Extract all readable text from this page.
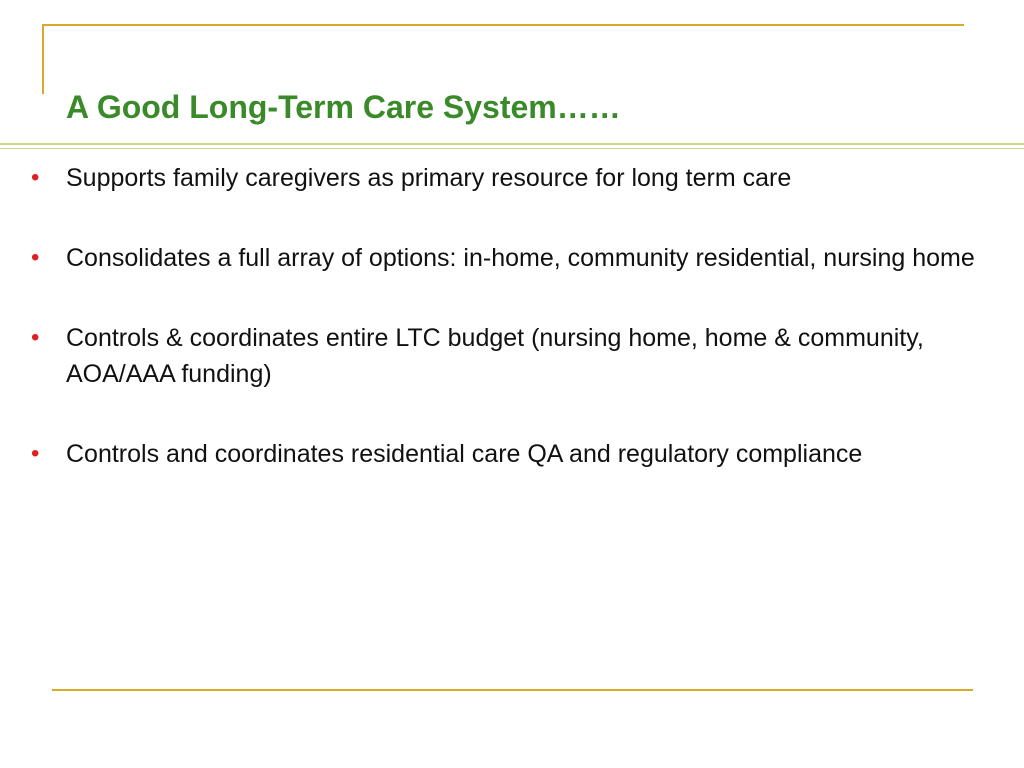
A Good Long-Term Care System……
• Supports family caregivers as primary resource for long term care
• Consolidates a full array of options: in-home, community residential, nursing home
• Controls & coordinates entire LTC budget (nursing home, home & community, AOA/AAA funding)
• Controls and coordinates residential care QA and regulatory compliance
